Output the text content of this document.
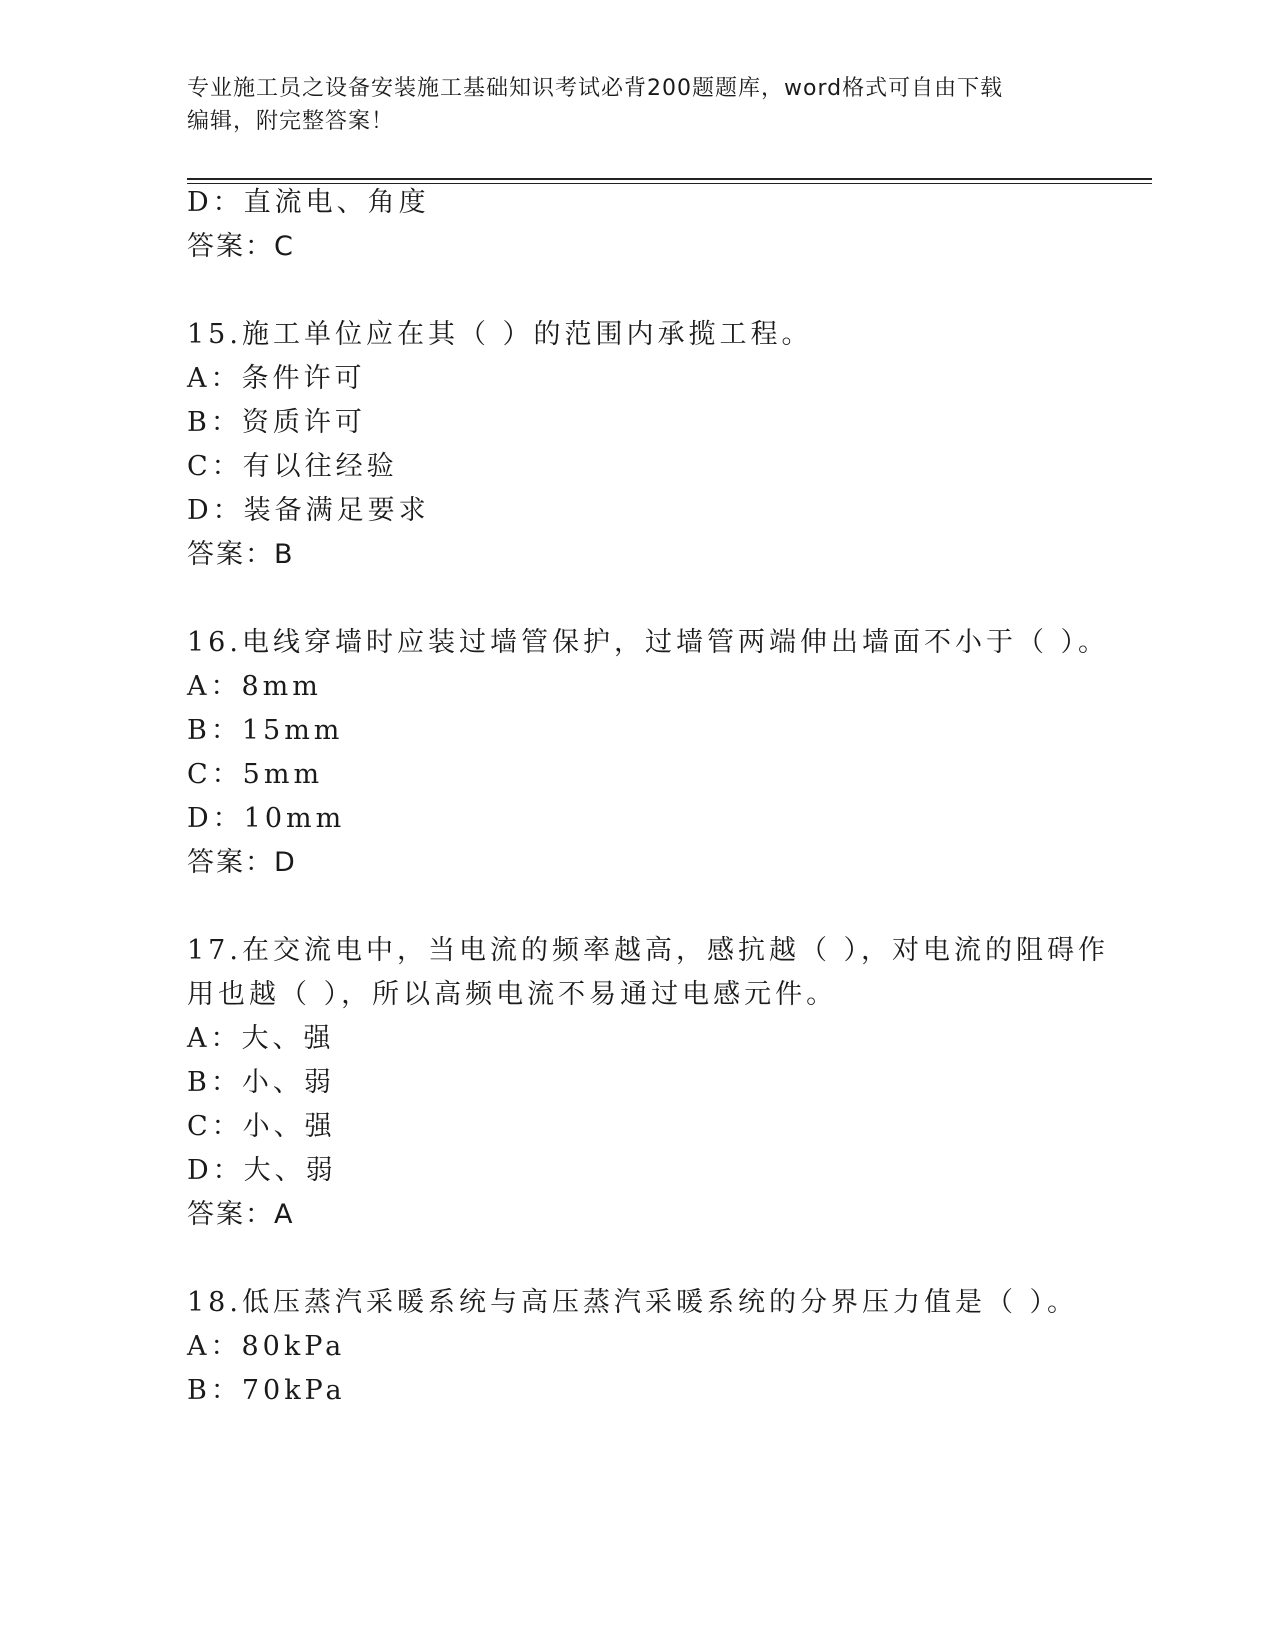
专业施工员之设备安装施工基础知识考试必背200题题库，word格式可自由下载
编辑，附完整答案！
D：直流电、角度
答案：C
15.施工单位应在其（ ）的范围内承揽工程。
A：条件许可
B：资质许可
C：有以往经验
D：装备满足要求
答案：B
16.电线穿墙时应装过墙管保护，过墙管两端伸出墙面不小于（ ）。
A：8mm
B：15mm
C：5mm
D：10mm
答案：D
17.在交流电中，当电流的频率越高，感抗越（ ），对电流的阻碍作
用也越（ ），所以高频电流不易通过电感元件。
A：大、强
B：小、弱
C：小、强
D：大、弱
答案：A
18.低压蒸汽采暖系统与高压蒸汽采暖系统的分界压力值是（ ）。
A：80kPa
B：70kPa
